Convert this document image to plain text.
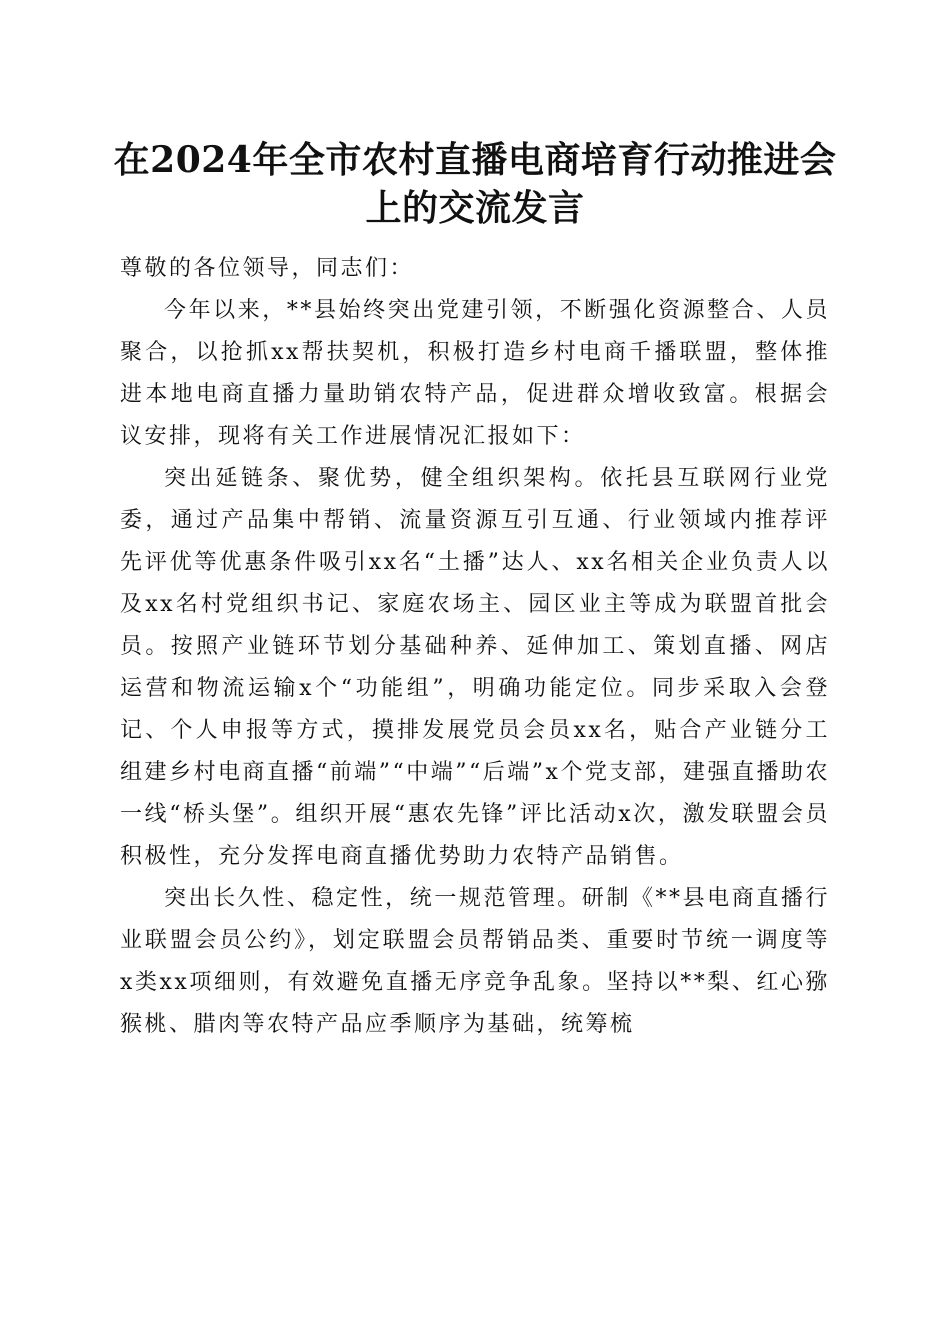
在2024年全市农村直播电商培育行动推进会
上的交流发言

尊敬的各位领导，同志们：

今年以来，**县始终突出党建引领，不断强化资源整合、人员聚合，以抢抓xx帮扶契机，积极打造乡村电商千播联盟，整体推进本地电商直播力量助销农特产品，促进群众增收致富。根据会议安排，现将有关工作进展情况汇报如下：

突出延链条、聚优势，健全组织架构。依托县互联网行业党委，通过产品集中帮销、流量资源互引互通、行业领域内推荐评先评优等优惠条件吸引xx名“土播”达人、xx名相关企业负责人以及xx名村党组织书记、家庭农场主、园区业主等成为联盟首批会员。按照产业链环节划分基础种养、延伸加工、策划直播、网店运营和物流运输x个“功能组”，明确功能定位。同步采取入会登记、个人申报等方式，摸排发展党员会员xx名，贴合产业链分工组建乡村电商直播“前端”“中端”“后端”x个党支部，建强直播助农一线“桥头堡”。组织开展“惠农先锋”评比活动x次，激发联盟会员积极性，充分发挥电商直播优势助力农特产品销售。

突出长久性、稳定性，统一规范管理。研制《**县电商直播行业联盟会员公约》，划定联盟会员帮销品类、重要时节统一调度等x类xx项细则，有效避免直播无序竞争乱象。坚持以**梨、红心猕猴桃、腊肉等农特产品应季顺序为基础，统筹梳
